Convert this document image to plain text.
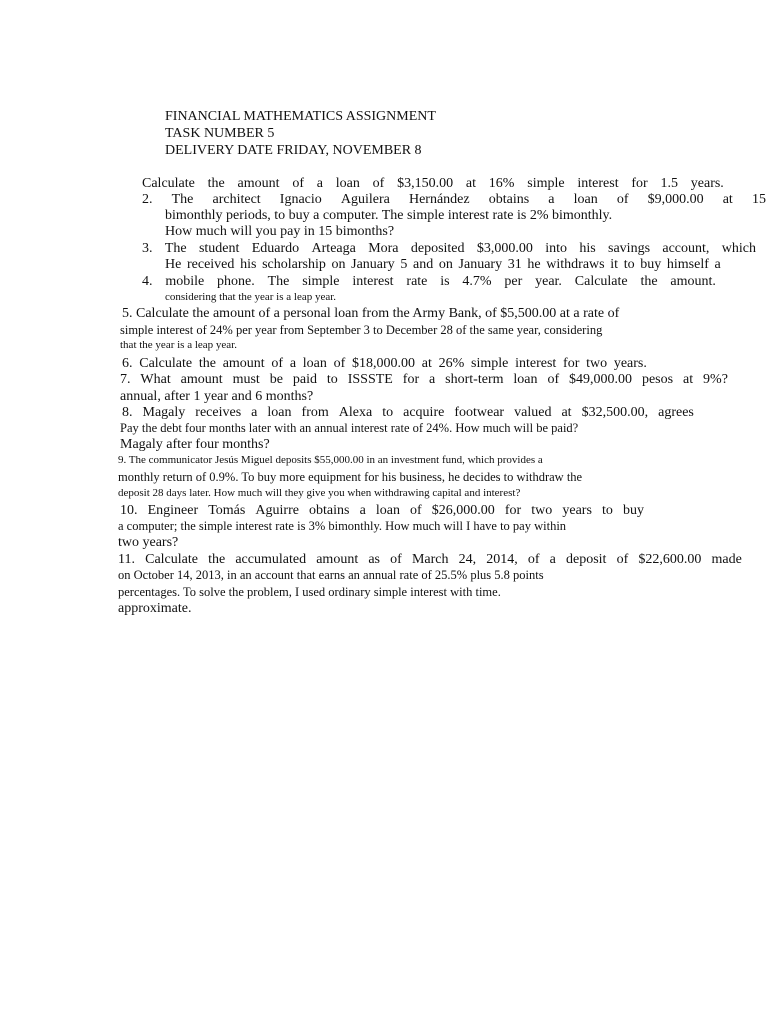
FINANCIAL MATHEMATICS ASSIGNMENT
TASK NUMBER 5
DELIVERY DATE FRIDAY, NOVEMBER 8
Calculate the amount of a loan of $3,150.00 at 16% simple interest for 1.5 years.
2. The architect Ignacio Aguilera Hernández obtains a loan of $9,000.00 at 15
bimonthly periods, to buy a computer. The simple interest rate is 2% bimonthly.
How much will you pay in 15 bimonths?
3. The student Eduardo Arteaga Mora deposited $3,000.00 into his savings account, which
He received his scholarship on January 5 and on January 31 he withdraws it to buy himself a
4. mobile phone. The simple interest rate is 4.7% per year. Calculate the amount.
considering that the year is a leap year.
5. Calculate the amount of a personal loan from the Army Bank, of $5,500.00 at a rate of
simple interest of 24% per year from September 3 to December 28 of the same year, considering
that the year is a leap year.
6. Calculate the amount of a loan of $18,000.00 at 26% simple interest for two years.
7. What amount must be paid to ISSSTE for a short-term loan of $49,000.00 pesos at 9%?
annual, after 1 year and 6 months?
8. Magaly receives a loan from Alexa to acquire footwear valued at $32,500.00, agrees
Pay the debt four months later with an annual interest rate of 24%. How much will be paid?
Magaly after four months?
9. The communicator Jesús Miguel deposits $55,000.00 in an investment fund, which provides a
monthly return of 0.9%. To buy more equipment for his business, he decides to withdraw the
deposit 28 days later. How much will they give you when withdrawing capital and interest?
10. Engineer Tomás Aguirre obtains a loan of $26,000.00 for two years to buy
a computer; the simple interest rate is 3% bimonthly. How much will I have to pay within
two years?
11. Calculate the accumulated amount as of March 24, 2014, of a deposit of $22,600.00 made
on October 14, 2013, in an account that earns an annual rate of 25.5% plus 5.8 points
percentages. To solve the problem, I used ordinary simple interest with time.
approximate.
